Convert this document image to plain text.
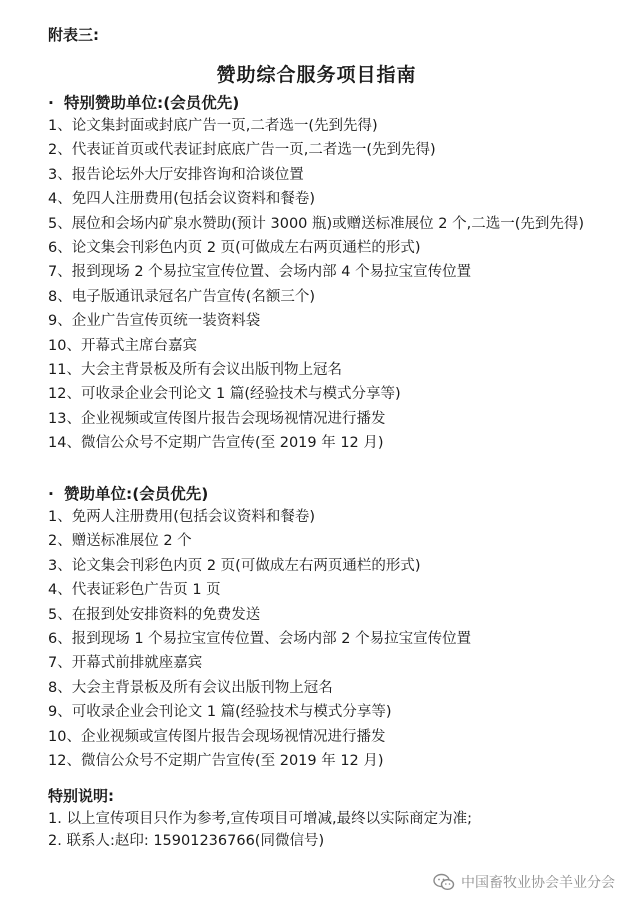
附表三:
赞助综合服务项目指南
· 特别赞助单位:(会员优先)
1、论文集封面或封底广告一页,二者选一(先到先得)
2、代表证首页或代表证封底底广告一页,二者选一(先到先得)
3、报告论坛外大厅安排咨询和洽谈位置
4、免四人注册费用(包括会议资料和餐卷)
5、展位和会场内矿泉水赞助(预计 3000 瓶)或赠送标准展位 2 个,二选一(先到先得)
6、论文集会刊彩色内页 2 页(可做成左右两页通栏的形式)
7、报到现场 2 个易拉宝宣传位置、会场内部 4 个易拉宝宣传位置
8、电子版通讯录冠名广告宣传(名额三个)
9、企业广告宣传页统一装资料袋
10、开幕式主席台嘉宾
11、大会主背景板及所有会议出版刊物上冠名
12、可收录企业会刊论文 1 篇(经验技术与模式分享等)
13、企业视频或宣传图片报告会现场视情况进行播发
14、微信公众号不定期广告宣传(至 2019 年 12 月)
· 赞助单位:(会员优先)
1、免两人注册费用(包括会议资料和餐卷)
2、赠送标准展位 2 个
3、论文集会刊彩色内页 2 页(可做成左右两页通栏的形式)
4、代表证彩色广告页 1 页
5、在报到处安排资料的免费发送
6、报到现场 1 个易拉宝宣传位置、会场内部 2 个易拉宝宣传位置
7、开幕式前排就座嘉宾
8、大会主背景板及所有会议出版刊物上冠名
9、可收录企业会刊论文 1 篇(经验技术与模式分享等)
10、企业视频或宣传图片报告会现场视情况进行播发
12、微信公众号不定期广告宣传(至 2019 年 12 月)
特别说明:
1. 以上宣传项目只作为参考,宣传项目可增减,最终以实际商定为准;
2. 联系人:赵印: 15901236766(同微信号)
中国畜牧业协会羊业分会
